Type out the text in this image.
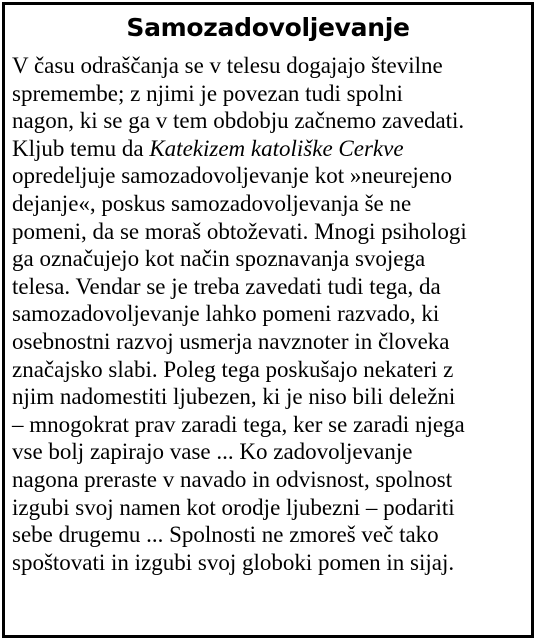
Samozadovoljevanje
V času odraščanja se v telesu dogajajo številne
spremembe; z njimi je povezan tudi spolni
nagon, ki se ga v tem obdobju začnemo zavedati.
Kljub temu da Katekizem katoliške Cerkve
opredeljuje samozadovoljevanje kot »neurejeno
dejanje«, poskus samozadovoljevanja še ne
pomeni, da se moraš obtoževati. Mnogi psihologi
ga označujejo kot način spoznavanja svojega
telesa. Vendar se je treba zavedati tudi tega, da
samozadovoljevanje lahko pomeni razvado, ki
osebnostni razvoj usmerja navznoter in človeka
značajsko slabi. Poleg tega poskušajo nekateri z
njim nadomestiti ljubezen, ki je niso bili deležni
– mnogokrat prav zaradi tega, ker se zaradi njega
vse bolj zapirajo vase ... Ko zadovoljevanje
nagona preraste v navado in odvisnost, spolnost
izgubi svoj namen kot orodje ljubezni – podariti
sebe drugemu ... Spolnosti ne zmoreš več tako
spoštovati in izgubi svoj globoki pomen in sijaj.
